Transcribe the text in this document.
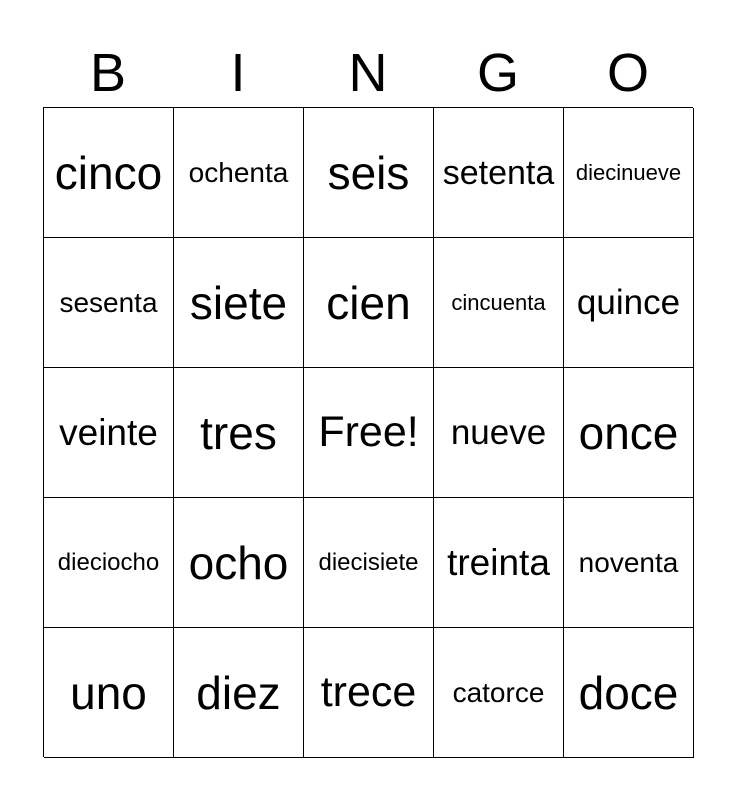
B	I	N	G	O
cinco ochenta seis setenta diecinueve
sesenta siete cien cincuenta quince
veinte tres Free! nueve once
dieciocho ocho diecisiete treinta noventa
uno diez trece catorce doce
